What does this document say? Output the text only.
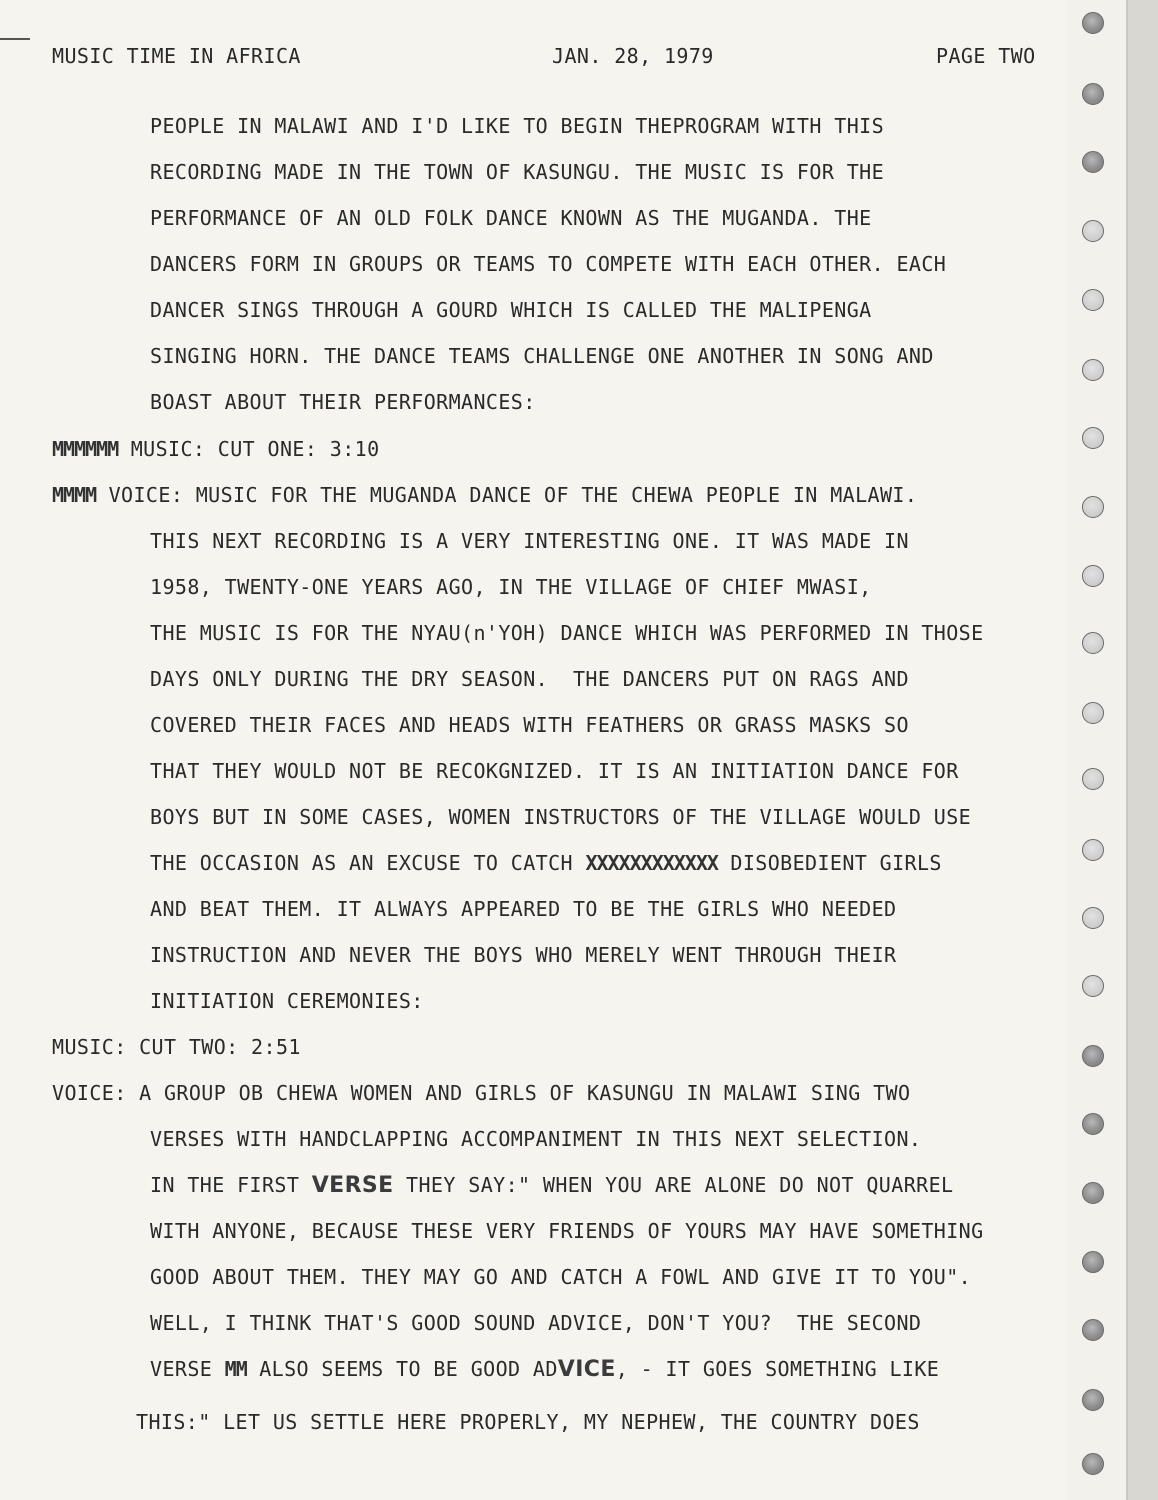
MUSIC TIME IN AFRICA	JAN. 28, 1979	PAGE TWO
PEOPLE IN MALAWI AND I'D LIKE TO BEGIN THEPROGRAM WITH THIS
RECORDING MADE IN THE TOWN OF KASUNGU. THE MUSIC IS FOR THE
PERFORMANCE OF AN OLD FOLK DANCE KNOWN AS THE MUGANDA. THE
DANCERS FORM IN GROUPS OR TEAMS TO COMPETE WITH EACH OTHER. EACH
DANCER SINGS THROUGH A GOURD WHICH IS CALLED THE MALIPENGA
SINGING HORN. THE DANCE TEAMS CHALLENGE ONE ANOTHER IN SONG AND
BOAST ABOUT THEIR PERFORMANCES:
MMMMMM MUSIC: CUT ONE: 3:10
MMMM VOICE: MUSIC FOR THE MUGANDA DANCE OF THE CHEWA PEOPLE IN MALAWI.
THIS NEXT RECORDING IS A VERY INTERESTING ONE. IT WAS MADE IN
1958, TWENTY-ONE YEARS AGO, IN THE VILLAGE OF CHIEF MWASI,
THE MUSIC IS FOR THE NYAU(n'YOH) DANCE WHICH WAS PERFORMED IN THOSE
DAYS ONLY DURING THE DRY SEASON.  THE DANCERS PUT ON RAGS AND
COVERED THEIR FACES AND HEADS WITH FEATHERS OR GRASS MASKS SO
THAT THEY WOULD NOT BE RECOKGNIZED. IT IS AN INITIATION DANCE FOR
BOYS BUT IN SOME CASES, WOMEN INSTRUCTORS OF THE VILLAGE WOULD USE
THE OCCASION AS AN EXCUSE TO CATCH XXXXXXXXXXXX DISOBEDIENT GIRLS
AND BEAT THEM. IT ALWAYS APPEARED TO BE THE GIRLS WHO NEEDED
INSTRUCTION AND NEVER THE BOYS WHO MERELY WENT THROUGH THEIR
INITIATION CEREMONIES:
MUSIC: CUT TWO: 2:51
VOICE: A GROUP OB CHEWA WOMEN AND GIRLS OF KASUNGU IN MALAWI SING TWO
VERSES WITH HANDCLAPPING ACCOMPANIMENT IN THIS NEXT SELECTION.
IN THE FIRST VERSE THEY SAY:" WHEN YOU ARE ALONE DO NOT QUARREL
WITH ANYONE, BECAUSE THESE VERY FRIENDS OF YOURS MAY HAVE SOMETHING
GOOD ABOUT THEM. THEY MAY GO AND CATCH A FOWL AND GIVE IT TO YOU".
WELL, I THINK THAT'S GOOD SOUND ADVICE, DON'T YOU?  THE SECOND
VERSE MM ALSO SEEMS TO BE GOOD ADVICE, - IT GOES SOMETHING LIKE
THIS:" LET US SETTLE HERE PROPERLY, MY NEPHEW, THE COUNTRY DOES
